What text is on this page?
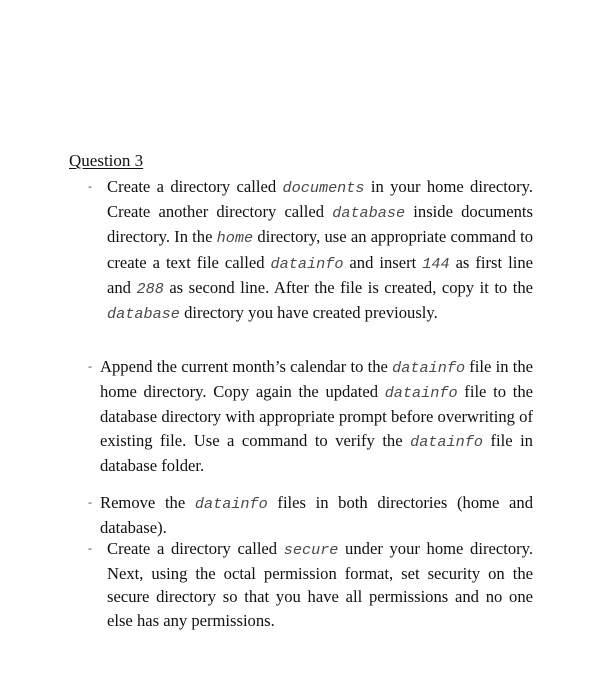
Question 3
- Create a directory called documents in your home directory. Create another directory called database inside documents directory. In the home directory, use an appropriate command to create a text file called datainfo and insert 144 as first line and 288 as second line. After the file is created, copy it to the database directory you have created previously.
- Append the current month’s calendar to the datainfo file in the home directory. Copy again the updated datainfo file to the database directory with appropriate prompt before overwriting of existing file. Use a command to verify the datainfo file in database folder.
- Remove the datainfo files in both directories (home and database).
- Create a directory called secure under your home directory. Next, using the octal permission format, set security on the secure directory so that you have all permissions and no one else has any permissions.
